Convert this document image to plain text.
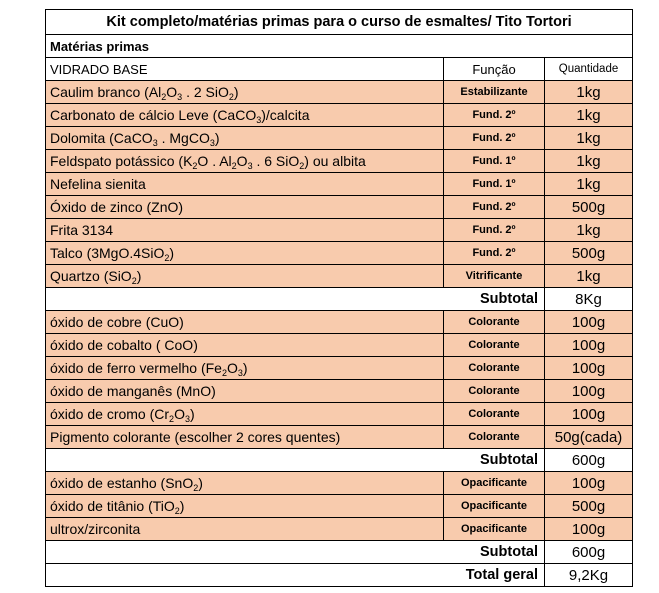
Kit completo/matérias primas para o curso de esmaltes/ Tito Tortori		
Matérias primas		
VIDRADO BASE	Função	Quantidade
Caulim branco ($Al_2O_3$ . 2 SiO$_2$)	Estabilizante	1kg
Carbonato de cálcio Leve (CaCO$_3$)/calcita	Fund. 2º	1kg
Dolomita (CaCO$_3$ . MgCO$_3$)	Fund. 2º	1kg
Feldspato potássico ($K_2O$ . $Al_2O_3$ . 6 SiO$_2$) ou albita	Fund. 1º	1kg
Nefelina sienita	Fund. 1º	1kg
Óxido de zinco (ZnO)	Fund. 2º	500g
Frita 3134	Fund. 2º	1kg
Talco (3MgO.4SiO$_2$)	Fund. 2º	500g
Quartzo (SiO$_2$)	Vitrificante	1kg
Subtotal		8Kg
óxido de cobre (CuO)	Colorante	100g
óxido de cobalto ( CoO)	Colorante	100g
óxido de ferro vermelho $(Fe_2O_3)$	Colorante	100g
óxido de manganês (MnO)	Colorante	100g
óxido de cromo $(Cr_2O_3)$	Colorante	100g
Pigmento colorante (escolher 2 cores quentes)	Colorante	50g(cada)
Subtotal		600g
óxido de estanho (SnO$_2$)	Opacificante	100g
óxido de titânio (TiO$_2$)	Opacificante	500g
ultrox/zirconita	Opacificante	100g
Subtotal		600g
Total geral		9,2Kg
